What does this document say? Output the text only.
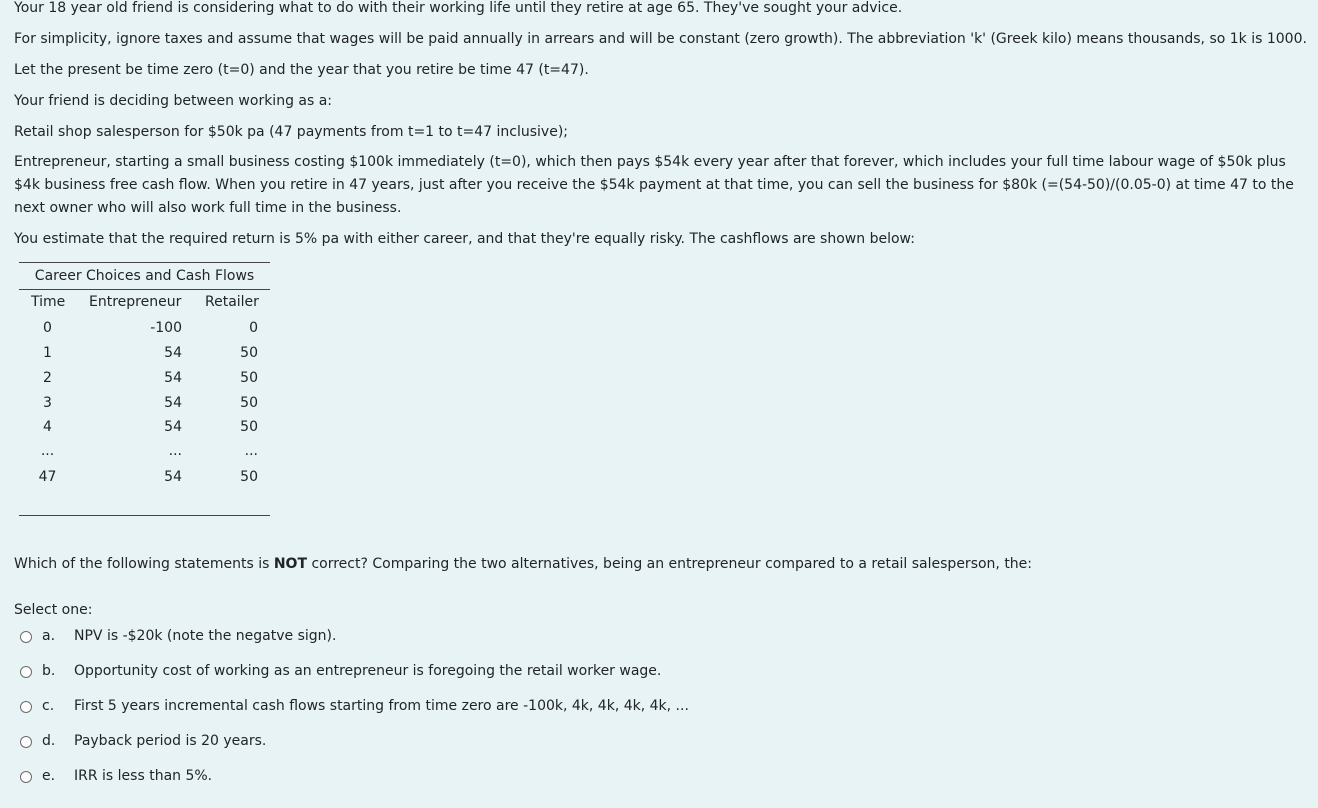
Your 18 year old friend is considering what to do with their working life until they retire at age 65. They've sought your advice.

For simplicity, ignore taxes and assume that wages will be paid annually in arrears and will be constant (zero growth). The abbreviation 'k' (Greek kilo) means thousands, so 1k is 1000.

Let the present be time zero (t=0) and the year that you retire be time 47 (t=47).

Your friend is deciding between working as a:

Retail shop salesperson for $50k pa (47 payments from t=1 to t=47 inclusive);

Entrepreneur, starting a small business costing $100k immediately (t=0), which then pays $54k every year after that forever, which includes your full time labour wage of $50k plus $4k business free cash flow. When you retire in 47 years, just after you receive the $54k payment at that time, you can sell the business for $80k (=(54-50)/(0.05-0) at time 47 to the next owner who will also work full time in the business.

You estimate that the required return is 5% pa with either career, and that they're equally risky. The cashflows are shown below:

Career Choices and Cash Flows
Time Entrepreneur Retailer
0	-100	0
1	54	50
2	54	50
3	54	50
4	54	50
...	...	...
47	54	50

Which of the following statements is NOT correct? Comparing the two alternatives, being an entrepreneur compared to a retail salesperson, the:

Select one:

a.	NPV is -$20k (note the negatve sign).
b.	Opportunity cost of working as an entrepreneur is foregoing the retail worker wage.
c.	First 5 years incremental cash flows starting from time zero are -100k, 4k, 4k, 4k, 4k, ...
d.	Payback period is 20 years.
e.	IRR is less than 5%.
